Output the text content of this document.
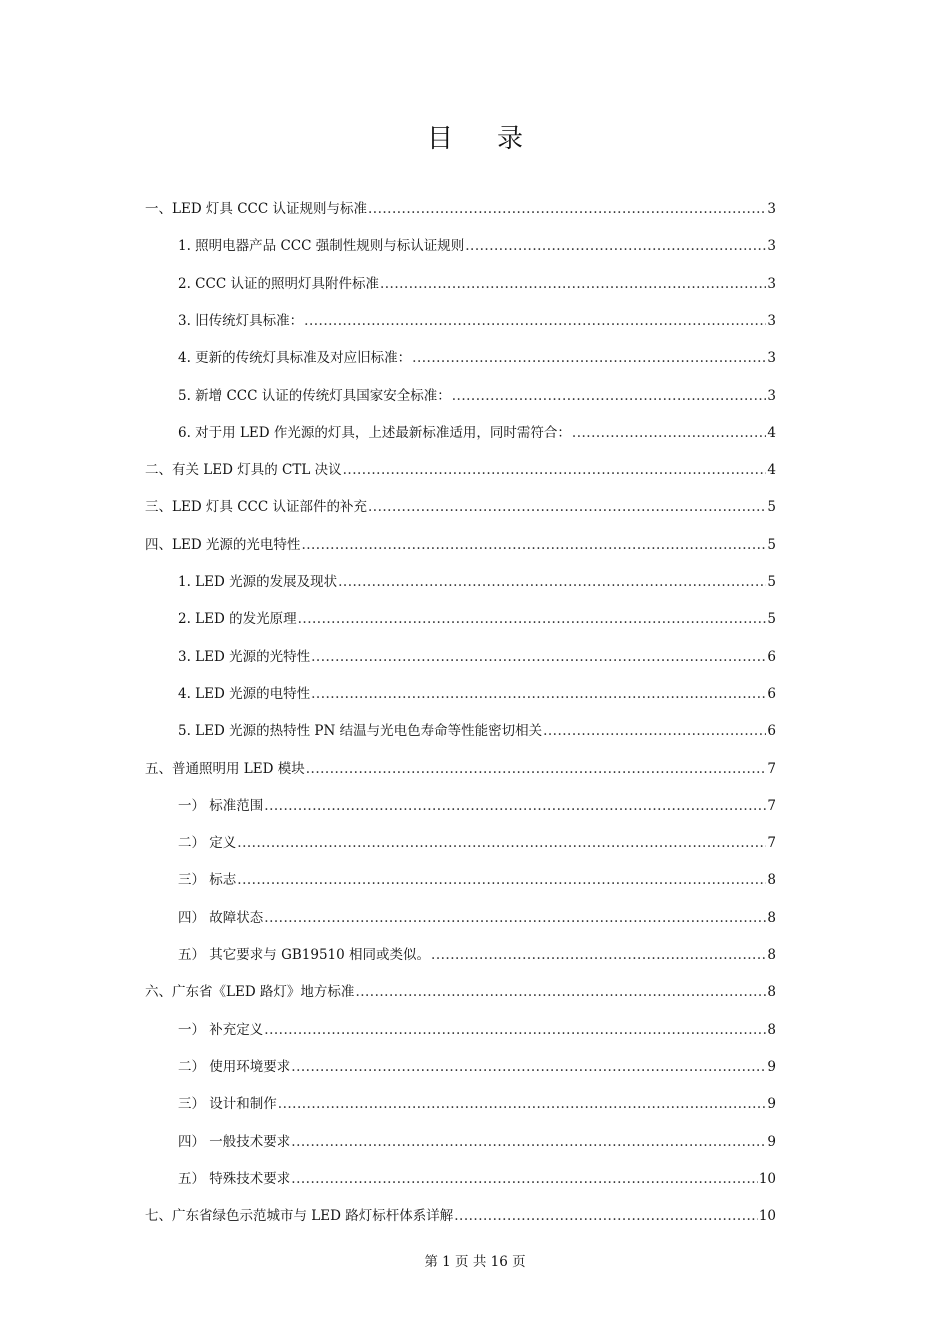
目录
一、LED 灯具 CCC 认证规则与标准 .....	3
1. 照明电器产品 CCC 强制性规则与标认证规则 .....	3
2. CCC 认证的照明灯具附件标准 .....	3
3. 旧传统灯具标准： .....	3
4. 更新的传统灯具标准及对应旧标准： .....	3
5. 新增 CCC 认证的传统灯具国家安全标准： .....	3
6. 对于用 LED 作光源的灯具，上述最新标准适用，同时需符合： .....	4
二、有关 LED 灯具的 CTL 决议 .....	4
三、LED 灯具 CCC 认证部件的补充 .....	5
四、LED 光源的光电特性 .....	5
1. LED 光源的发展及现状 .....	5
2. LED 的发光原理 .....	5
3. LED 光源的光特性 .....	6
4. LED 光源的电特性 .....	6
5. LED 光源的热特性 PN 结温与光电色寿命等性能密切相关 .....	6
五、普通照明用 LED 模块 .....	7
一） 标准范围 .....	7
二） 定义 .....	7
三） 标志 .....	8
四） 故障状态 .....	8
五） 其它要求与 GB19510 相同或类似。 .....	8
六、广东省《LED 路灯》地方标准 .....	8
一） 补充定义 .....	8
二） 使用环境要求 .....	9
三） 设计和制作 .....	9
四） 一般技术要求 .....	9
五） 特殊技术要求 .....	10
七、广东省绿色示范城市与 LED 路灯标杆体系详解 .....	10
第 1 页 共 16 页
